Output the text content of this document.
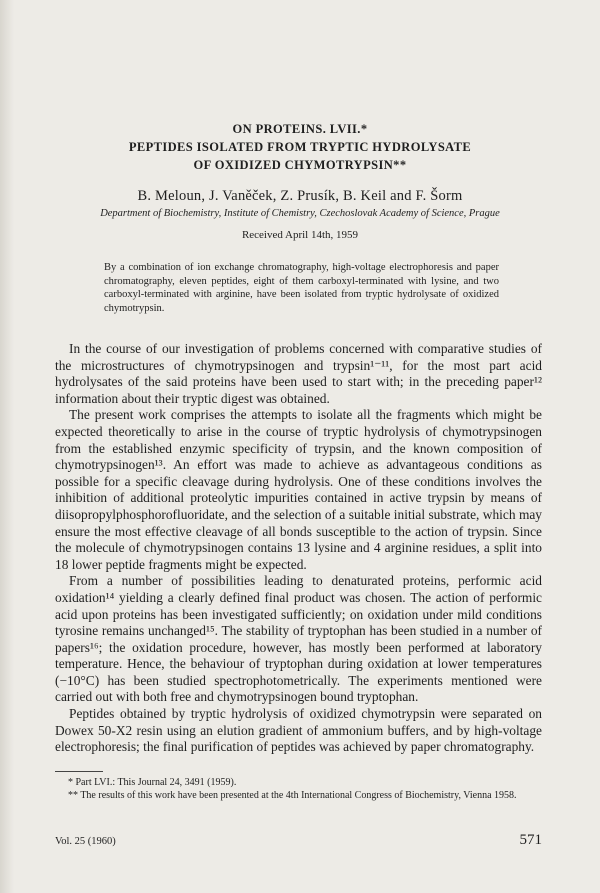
ON PROTEINS. LVII.*
PEPTIDES ISOLATED FROM TRYPTIC HYDROLYSATE
OF OXIDIZED CHYMOTRYPSIN**
B. Meloun, J. Vaněček, Z. Prusík, B. Keil and F. Šorm
Department of Biochemistry, Institute of Chemistry, Czechoslovak Academy of Science, Prague
Received April 14th, 1959
By a combination of ion exchange chromatography, high-voltage electrophoresis and paper chromatography, eleven peptides, eight of them carboxyl-terminated with lysine, and two carboxyl-terminated with arginine, have been isolated from tryptic hydrolysate of oxidized chymotrypsin.

In the course of our investigation of problems concerned with comparative studies of the microstructures of chymotrypsinogen and trypsin¹⁻¹¹, for the most part acid hydrolysates of the said proteins have been used to start with; in the preceding paper¹² information about their tryptic digest was obtained.

The present work comprises the attempts to isolate all the fragments which might be expected theoretically to arise in the course of tryptic hydrolysis of chymotrypsinogen from the established enzymic specificity of trypsin, and the known composition of chymotrypsinogen¹³. An effort was made to achieve as advantageous conditions as possible for a specific cleavage during hydrolysis. One of these conditions involves the inhibition of additional proteolytic impurities contained in active trypsin by means of diisopropylphosphorofluoridate, and the selection of a suitable initial substrate, which may ensure the most effective cleavage of all bonds susceptible to the action of trypsin. Since the molecule of chymotrypsinogen contains 13 lysine and 4 arginine residues, a split into 18 lower peptide fragments might be expected.

From a number of possibilities leading to denaturated proteins, performic acid oxidation¹⁴ yielding a clearly defined final product was chosen. The action of performic acid upon proteins has been investigated sufficiently; on oxidation under mild conditions tyrosine remains unchanged¹⁵. The stability of tryptophan has been studied in a number of papers¹⁶; the oxidation procedure, however, has mostly been performed at laboratory temperature. Hence, the behaviour of tryptophan during oxidation at lower temperatures (−10°C) has been studied spectrophotometrically. The experiments mentioned were carried out with both free and chymotrypsinogen bound tryptophan.

Peptides obtained by tryptic hydrolysis of oxidized chymotrypsin were separated on Dowex 50-X2 resin using an elution gradient of ammonium buffers, and by high-voltage electrophoresis; the final purification of peptides was achieved by paper chromatography.

* Part LVI.: This Journal 24, 3491 (1959).
** The results of this work have been presented at the 4th International Congress of Biochemistry, Vienna 1958.
Vol. 25 (1960)	571
